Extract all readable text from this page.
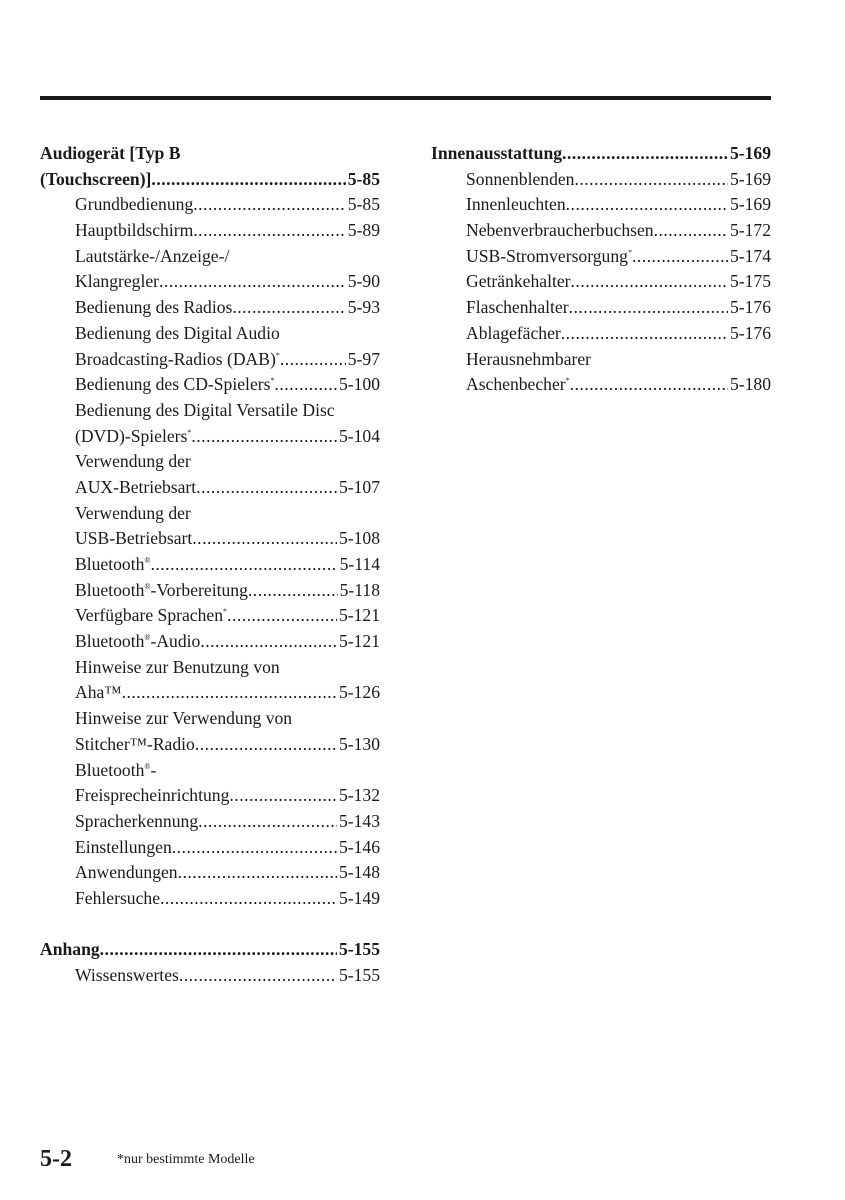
Audiogerät [Typ B
(Touchscreen)] .....	5-85
Grundbedienung .....	5-85
Hauptbildschirm .....	5-89
Lautstärke-/Anzeige-/
Klangregler .....	5-90
Bedienung des Radios .....	5-93
Bedienung des Digital Audio
Broadcasting-Radios (DAB)* .....	5-97
Bedienung des CD-Spielers* .....	5-100
Bedienung des Digital Versatile Disc
(DVD)-Spielers* .....	5-104
Verwendung der
AUX-Betriebsart .....	5-107
Verwendung der
USB-Betriebsart .....	5-108
Bluetooth® .....	5-114
Bluetooth®-Vorbereitung .....	5-118
Verfügbare Sprachen* .....	5-121
Bluetooth®-Audio .....	5-121
Hinweise zur Benutzung von
Aha™ .....	5-126
Hinweise zur Verwendung von
Stitcher™-Radio .....	5-130
Bluetooth®-
Freisprecheinrichtung .....	5-132
Spracherkennung .....	5-143
Einstellungen .....	5-146
Anwendungen .....	5-148
Fehlersuche .....	5-149
Anhang .....	5-155
Wissenswertes .....	5-155
Innenausstattung .....	5-169
Sonnenblenden .....	5-169
Innenleuchten .....	5-169
Nebenverbraucherbuchsen .....	5-172
USB-Stromversorgung* .....	5-174
Getränkehalter .....	5-175
Flaschenhalter .....	5-176
Ablagefächer .....	5-176
Herausnehmbarer
Aschenbecher* .....	5-180
5-2	*nur bestimmte Modelle
